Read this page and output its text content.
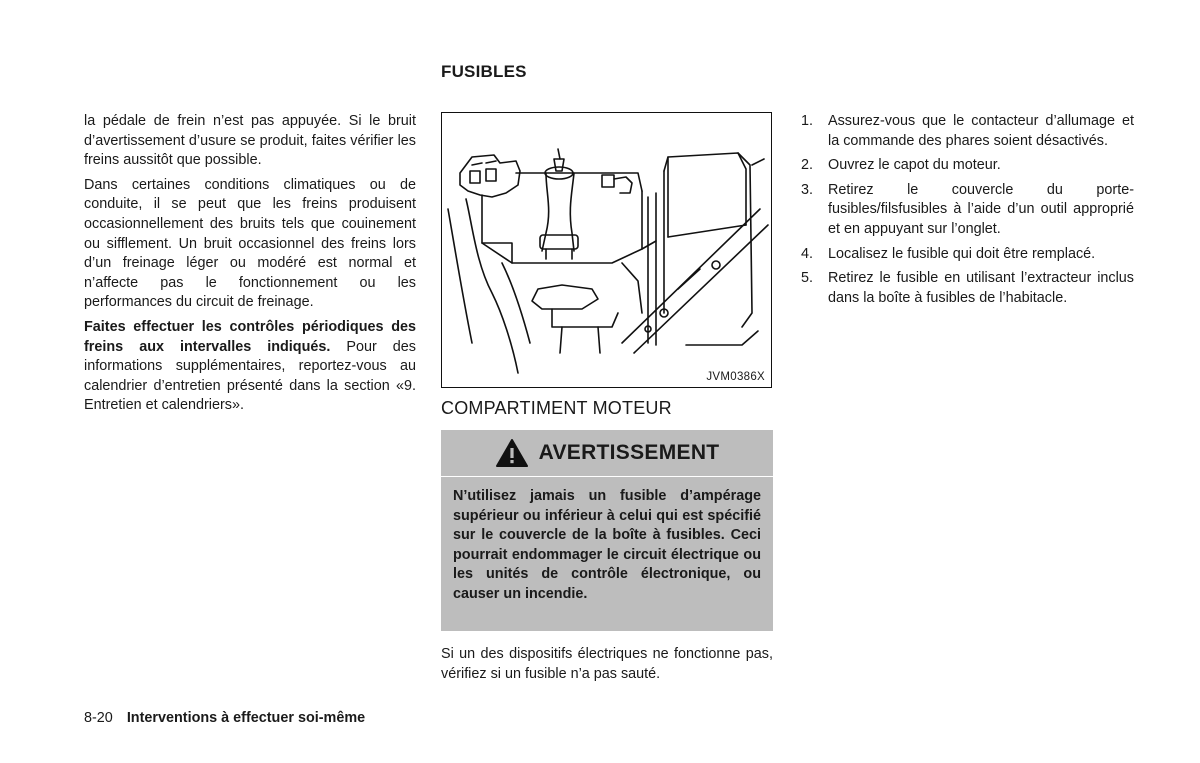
FUSIBLES

la pédale de frein n’est pas appuyée. Si le bruit d’avertissement d’usure se produit, faites vérifier les freins aussitôt que possible.

Dans certaines conditions climatiques ou de conduite, il se peut que les freins produisent occasionnellement des bruits tels que couinement ou sifflement. Un bruit occasionnel des freins lors d’un freinage léger ou modéré est normal et n’affecte pas le fonctionnement ou les performances du circuit de freinage.

Faites effectuer les contrôles périodiques des freins aux intervalles indiqués. Pour des informations supplémentaires, reportez-vous au calendrier d’entretien présenté dans la section «9. Entretien et calendriers».

JVM0386X
COMPARTIMENT MOTEUR
AVERTISSEMENT
N’utilisez jamais un fusible d’ampérage supérieur ou inférieur à celui qui est spécifié sur le couvercle de la boîte à fusibles. Ceci pourrait endommager le circuit électrique ou les unités de contrôle électronique, ou causer un incendie.
Si un des dispositifs électriques ne fonctionne pas, vérifiez si un fusible n’a pas sauté.
1. Assurez-vous que le contacteur d’allumage et la commande des phares soient désactivés.
2. Ouvrez le capot du moteur.
3. Retirez le couvercle du porte-fusibles/filsfusibles à l’aide d’un outil approprié et en appuyant sur l’onglet.
4. Localisez le fusible qui doit être remplacé.
5. Retirez le fusible en utilisant l’extracteur inclus dans la boîte à fusibles de l’habitacle.
8-20 Interventions à effectuer soi-même
